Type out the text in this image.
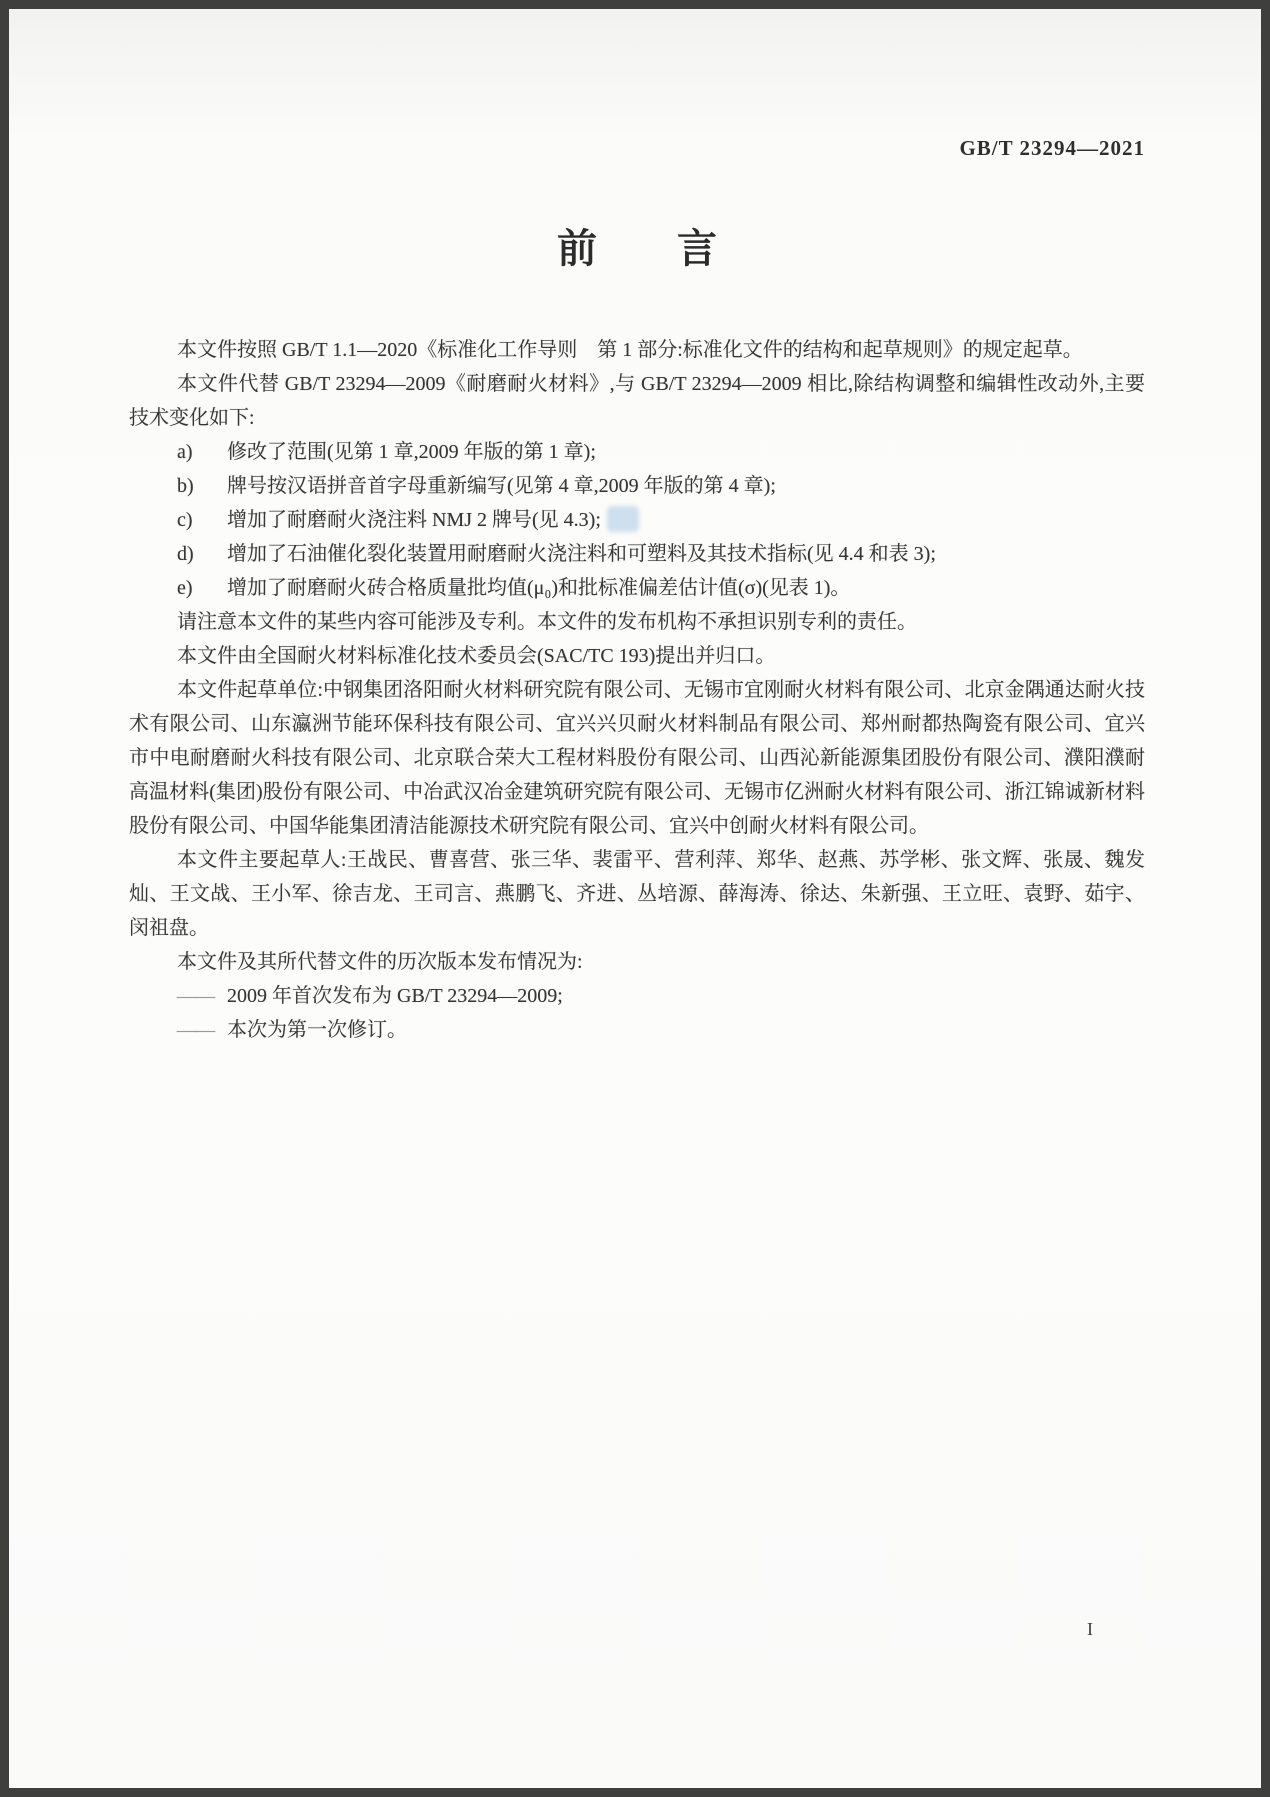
GB/T 23294—2021
前　　言

本文件按照 GB/T 1.1—2020《标准化工作导则　第 1 部分:标准化文件的结构和起草规则》的规定起草。

本文件代替 GB/T 23294—2009《耐磨耐火材料》,与 GB/T 23294—2009 相比,除结构调整和编辑性改动外,主要技术变化如下:

a) 修改了范围(见第 1 章,2009 年版的第 1 章);
b) 牌号按汉语拼音首字母重新编写(见第 4 章,2009 年版的第 4 章);
c) 增加了耐磨耐火浇注料 NMJ 2 牌号(见 4.3);
d) 增加了石油催化裂化装置用耐磨耐火浇注料和可塑料及其技术指标(见 4.4 和表 3);
e) 增加了耐磨耐火砖合格质量批均值(μ₀)和批标准偏差估计值(σ)(见表 1)。

请注意本文件的某些内容可能涉及专利。本文件的发布机构不承担识别专利的责任。

本文件由全国耐火材料标准化技术委员会(SAC/TC 193)提出并归口。

本文件起草单位:中钢集团洛阳耐火材料研究院有限公司、无锡市宜刚耐火材料有限公司、北京金隅通达耐火技术有限公司、山东瀛洲节能环保科技有限公司、宜兴兴贝耐火材料制品有限公司、郑州耐都热陶瓷有限公司、宜兴市中电耐磨耐火科技有限公司、北京联合荣大工程材料股份有限公司、山西沁新能源集团股份有限公司、濮阳濮耐高温材料(集团)股份有限公司、中冶武汉冶金建筑研究院有限公司、无锡市亿洲耐火材料有限公司、浙江锦诚新材料股份有限公司、中国华能集团清洁能源技术研究院有限公司、宜兴中创耐火材料有限公司。

本文件主要起草人:王战民、曹喜营、张三华、裴雷平、营利萍、郑华、赵燕、苏学彬、张文辉、张晟、魏发灿、王文战、王小军、徐吉龙、王司言、燕鹏飞、齐进、丛培源、薛海涛、徐达、朱新强、王立旺、袁野、茹宇、闵祖盘。

本文件及其所代替文件的历次版本发布情况为:

—— 2009 年首次发布为 GB/T 23294—2009;
—— 本次为第一次修订。
I
